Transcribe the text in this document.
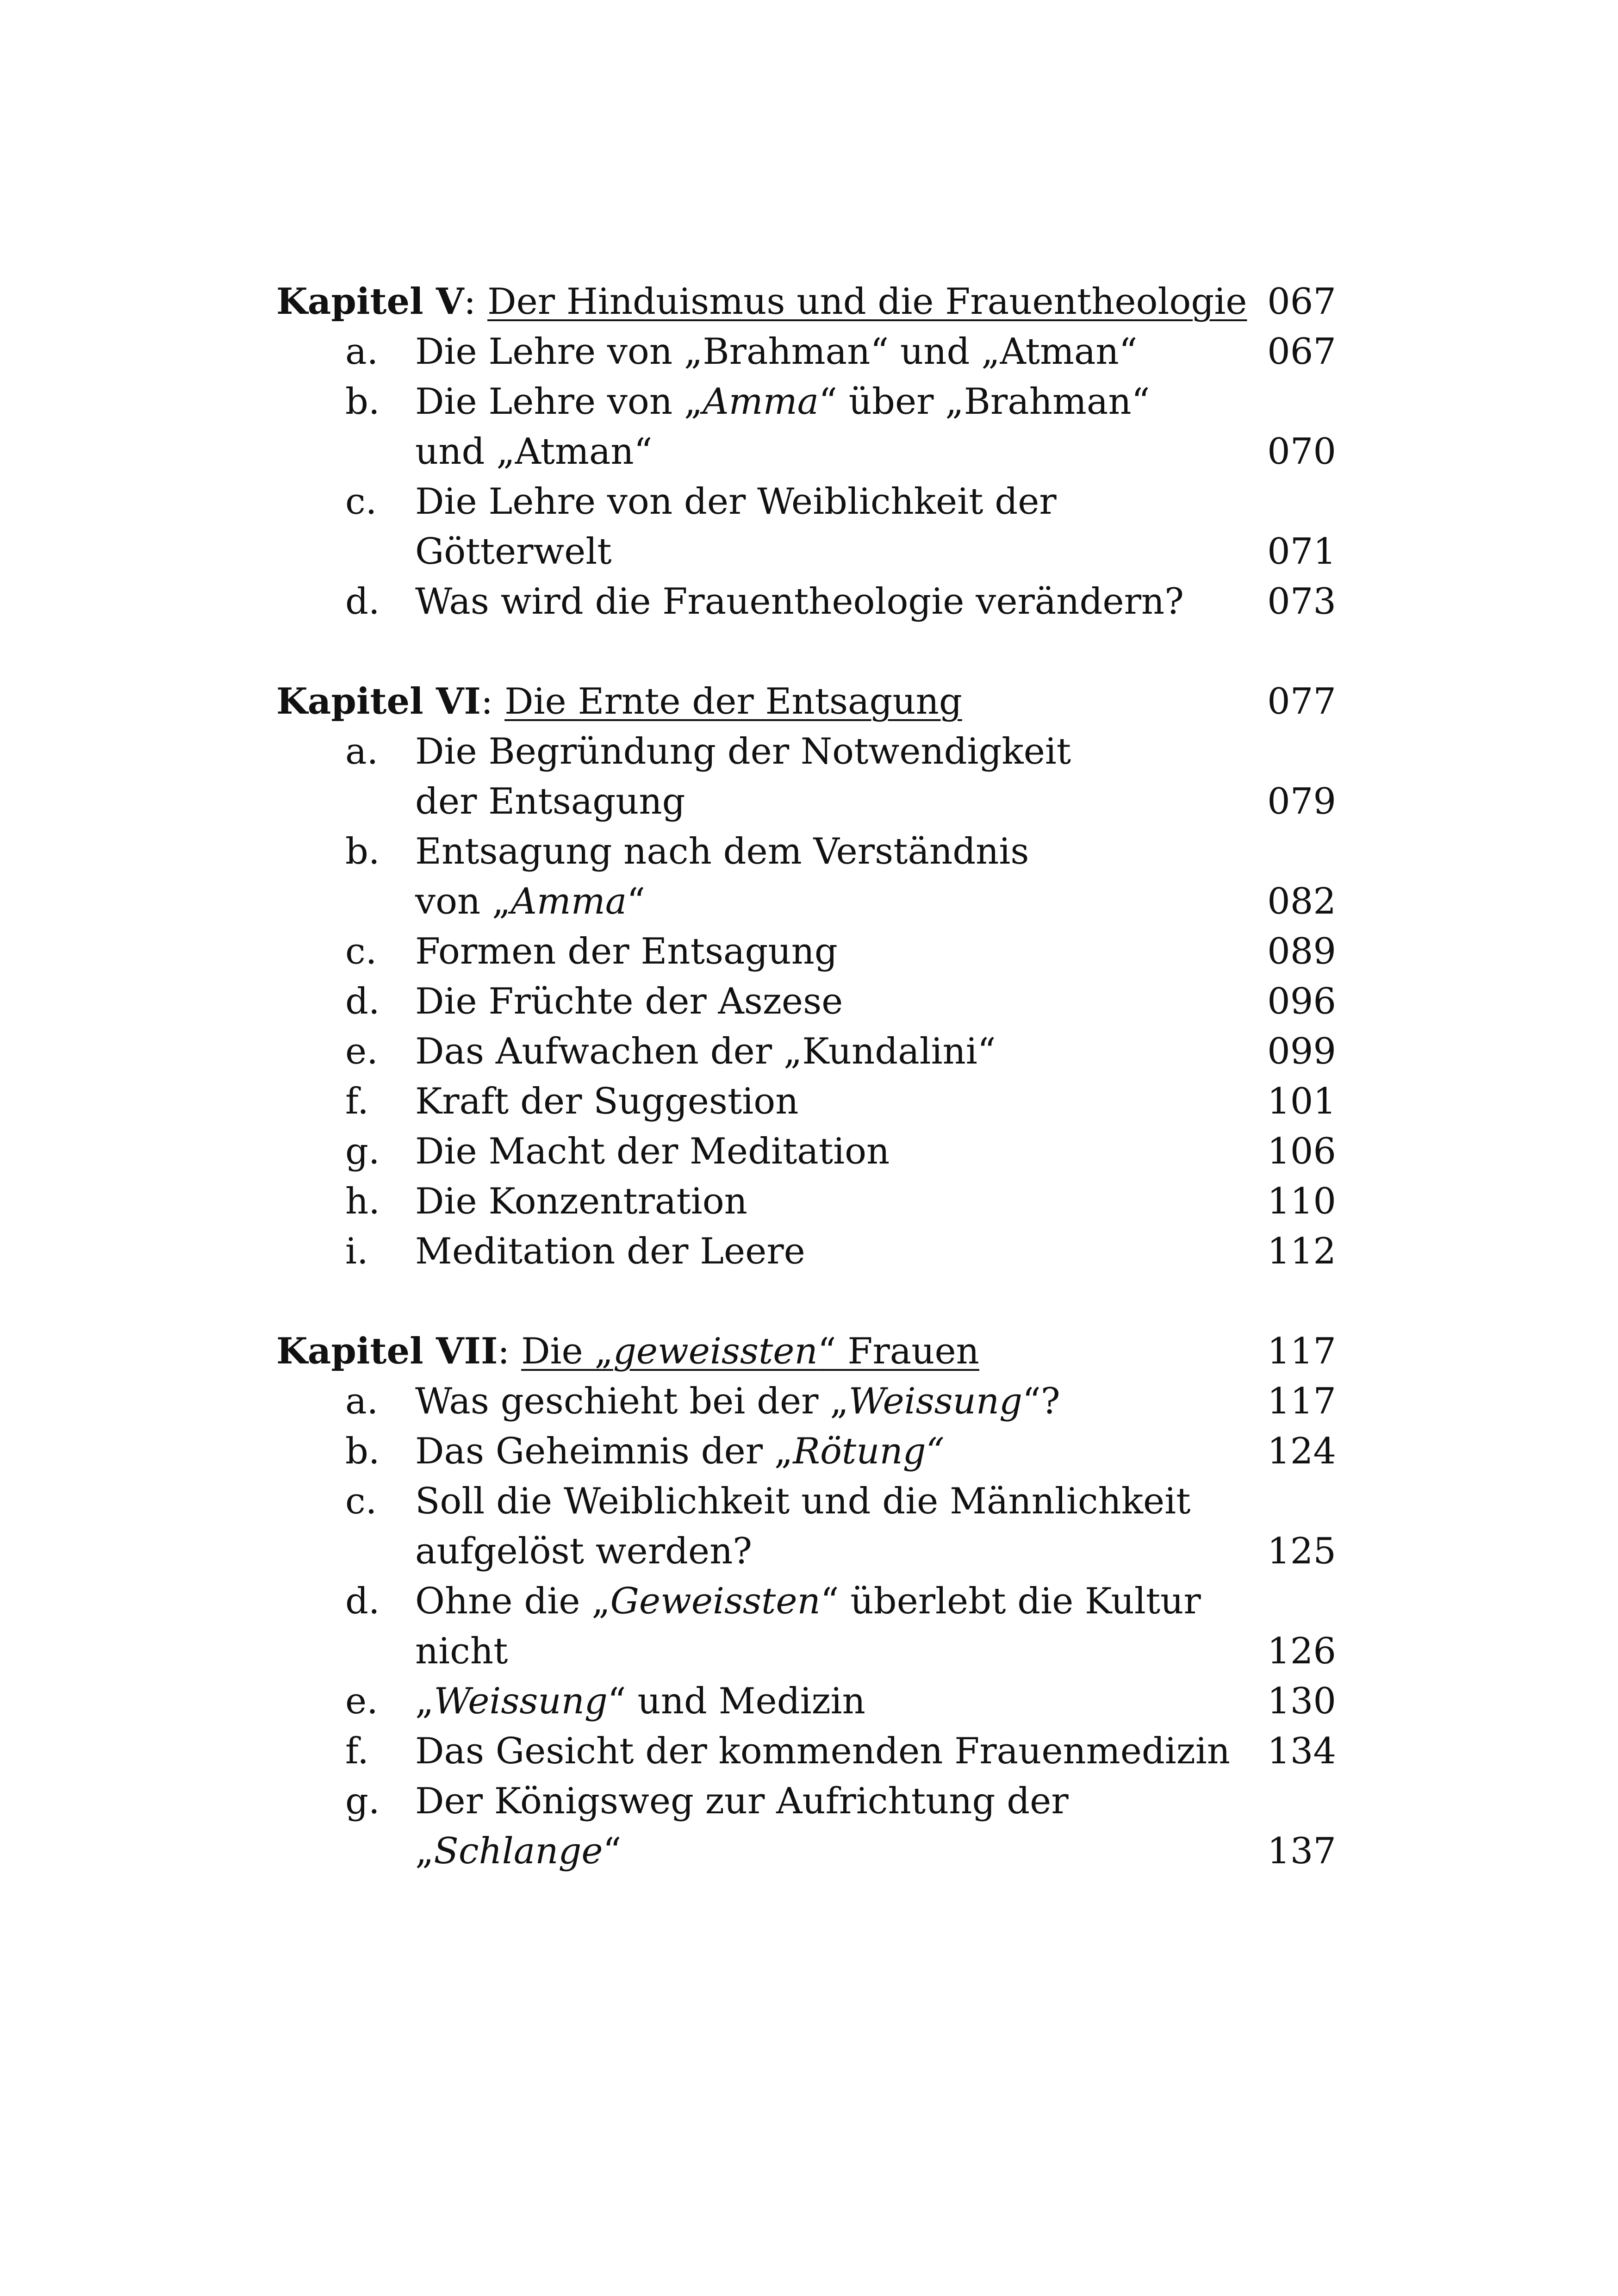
Kapitel V : Der Hinduismus und die Frauentheologie 067
a. Die Lehre von „Brahman“ und „Atman“	067
b. Die Lehre von „Amma“ über „Brahman“
und „Atman“	070
c. Die Lehre von der Weiblichkeit der
Götterwelt	071
d. Was wird die Frauentheologie verändern? 073
Kapitel VI : Die Ernte der Entsagung	077
a. Die Begründung der Notwendigkeit
der Entsagung	079
b. Entsagung nach dem Verständnis
von „Amma“	082
c. Formen der Entsagung	089
d. Die Früchte der Aszese	096
e. Das Aufwachen der „Kundalini“	099
f. Kraft der Suggestion	101
g. Die Macht der Meditation	106
h. Die Konzentration	110
i. Meditation der Leere	112
Kapitel VII : Die „geweissten“ Frauen	117
a. Was geschieht bei der „Weissung“?	117
b. Das Geheimnis der „Rötung“	124
c. Soll die Weiblichkeit und die Männlichkeit
aufgelöst werden?	125
d. Ohne die „Geweissten“ überlebt die Kultur
nicht	126
e. „Weissung“ und Medizin	130
f. Das Gesicht der kommenden Frauenmedizin 134
g. Der Königsweg zur Aufrichtung der
„Schlange“	137
